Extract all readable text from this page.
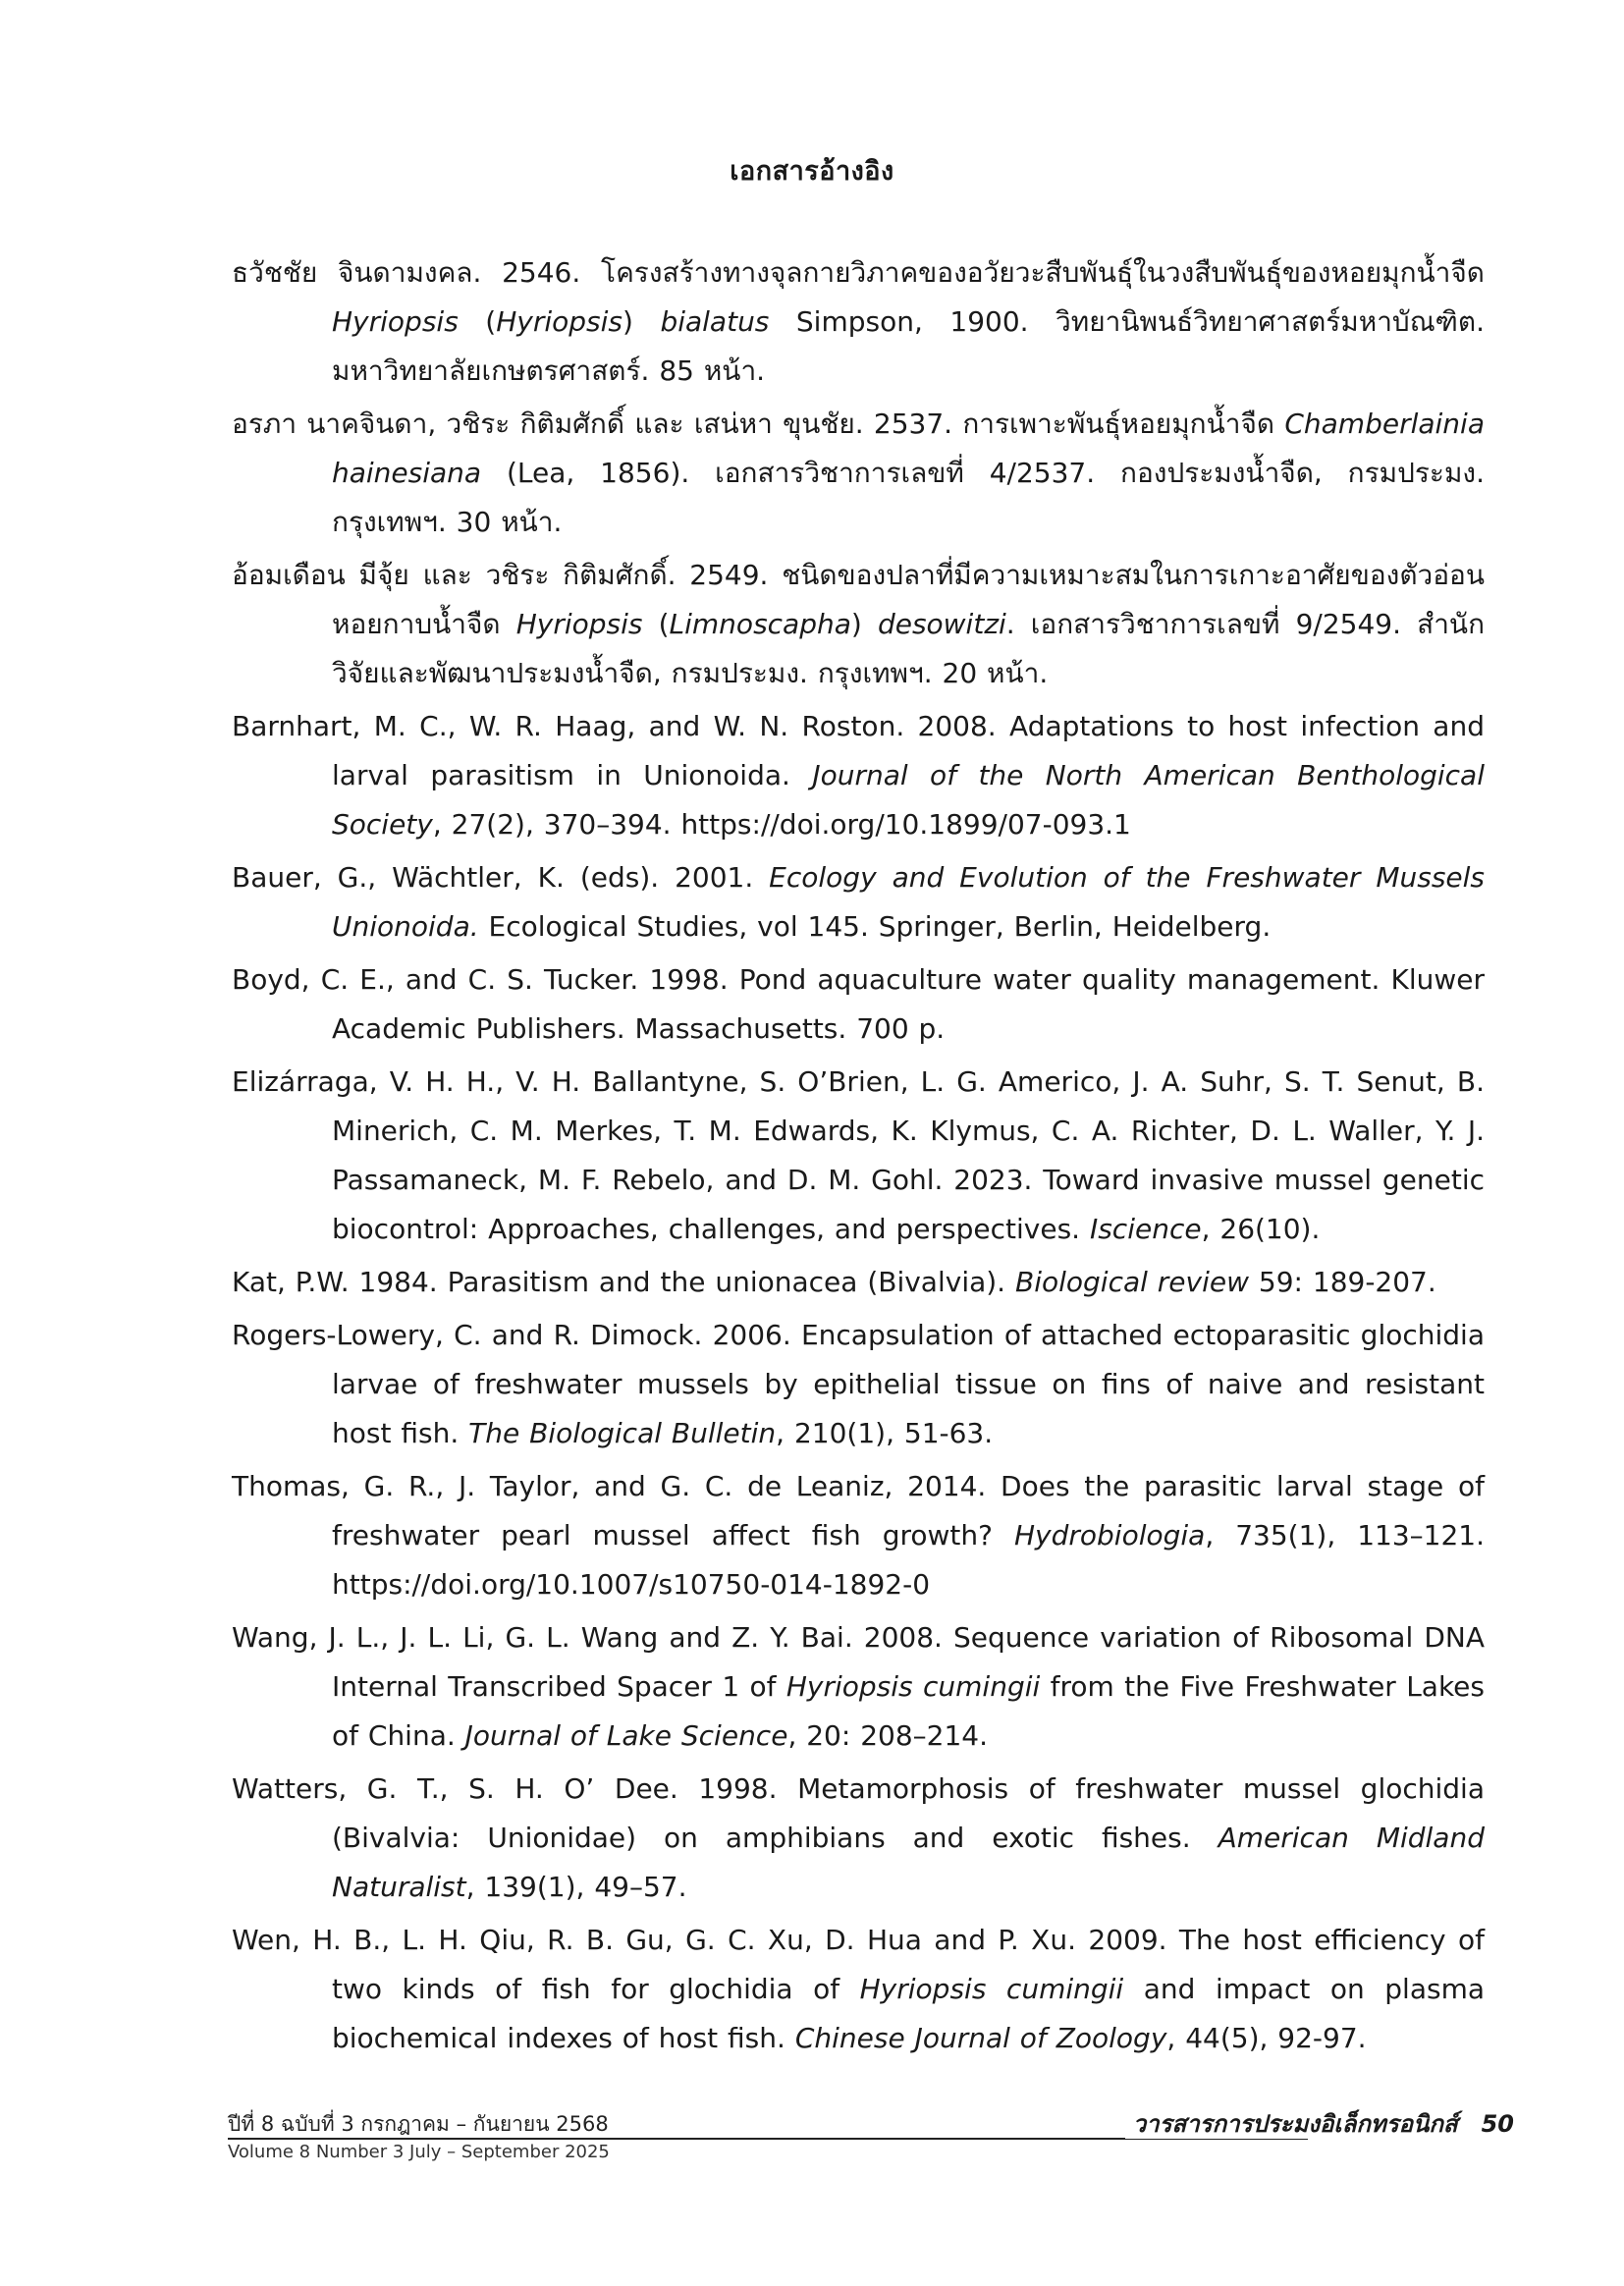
เอกสารอ้างอิง
ธวัชชัย จินดามงคล. 2546. โครงสร้างทางจุลกายวิภาคของอวัยวะสืบพันธุ์ในวงสืบพันธุ์ของหอยมุกน้ำจืด Hyriopsis (Hyriopsis) bialatus Simpson, 1900. วิทยานิพนธ์วิทยาศาสตร์มหาบัณฑิต. มหาวิทยาลัยเกษตรศาสตร์. 85 หน้า.
อรภา นาคจินดา, วชิระ กิติมศักดิ์ และ เสน่หา ขุนชัย. 2537. การเพาะพันธุ์หอยมุกน้ำจืด Chamberlainia hainesiana (Lea, 1856). เอกสารวิชาการเลขที่ 4/2537. กองประมงน้ำจืด, กรมประมง. กรุงเทพฯ. 30 หน้า.
อ้อมเดือน มีจุ้ย และ วชิระ กิติมศักดิ์. 2549. ชนิดของปลาที่มีความเหมาะสมในการเกาะอาศัยของตัวอ่อนหอยกาบน้ำจืด Hyriopsis (Limnoscapha) desowitzi. เอกสารวิชาการเลขที่ 9/2549. สำนักวิจัยและพัฒนาประมงน้ำจืด, กรมประมง. กรุงเทพฯ. 20 หน้า.
Barnhart, M. C., W. R. Haag, and W. N. Roston. 2008. Adaptations to host infection and larval parasitism in Unionoida. Journal of the North American Benthological Society, 27(2), 370–394. https://doi.org/10.1899/07-093.1
Bauer, G., Wächtler, K. (eds). 2001. Ecology and Evolution of the Freshwater Mussels Unionoida. Ecological Studies, vol 145. Springer, Berlin, Heidelberg.
Boyd, C. E., and C. S. Tucker. 1998. Pond aquaculture water quality management. Kluwer Academic Publishers. Massachusetts. 700 p.
Elizárraga, V. H. H., V. H. Ballantyne, S. O’Brien, L. G. Americo, J. A. Suhr, S. T. Senut, B. Minerich, C. M. Merkes, T. M. Edwards, K. Klymus, C. A. Richter, D. L. Waller, Y. J. Passamaneck, M. F. Rebelo, and D. M. Gohl. 2023. Toward invasive mussel genetic biocontrol: Approaches, challenges, and perspectives. Iscience, 26(10).
Kat, P.W. 1984. Parasitism and the unionacea (Bivalvia). Biological review 59: 189-207.
Rogers-Lowery, C. and R. Dimock. 2006. Encapsulation of attached ectoparasitic glochidia larvae of freshwater mussels by epithelial tissue on fins of naive and resistant host fish. The Biological Bulletin, 210(1), 51-63.
Thomas, G. R., J. Taylor, and G. C. de Leaniz, 2014. Does the parasitic larval stage of freshwater pearl mussel affect fish growth? Hydrobiologia, 735(1), 113–121. https://doi.org/10.1007/s10750-014-1892-0
Wang, J. L., J. L. Li, G. L. Wang and Z. Y. Bai. 2008. Sequence variation of Ribosomal DNA Internal Transcribed Spacer 1 of Hyriopsis cumingii from the Five Freshwater Lakes of China. Journal of Lake Science, 20: 208–214.
Watters, G. T., S. H. O’ Dee. 1998. Metamorphosis of freshwater mussel glochidia (Bivalvia: Unionidae) on amphibians and exotic fishes. American Midland Naturalist, 139(1), 49–57.
Wen, H. B., L. H. Qiu, R. B. Gu, G. C. Xu, D. Hua and P. Xu. 2009. The host efficiency of two kinds of fish for glochidia of Hyriopsis cumingii and impact on plasma biochemical indexes of host fish. Chinese Journal of Zoology, 44(5), 92-97.
ปีที่ 8 ฉบับที่ 3 กรกฎาคม – กันยายน 2568
Volume 8 Number 3 July – September 2025
วารสารการประมงอิเล็กทรอนิกส์ 50
